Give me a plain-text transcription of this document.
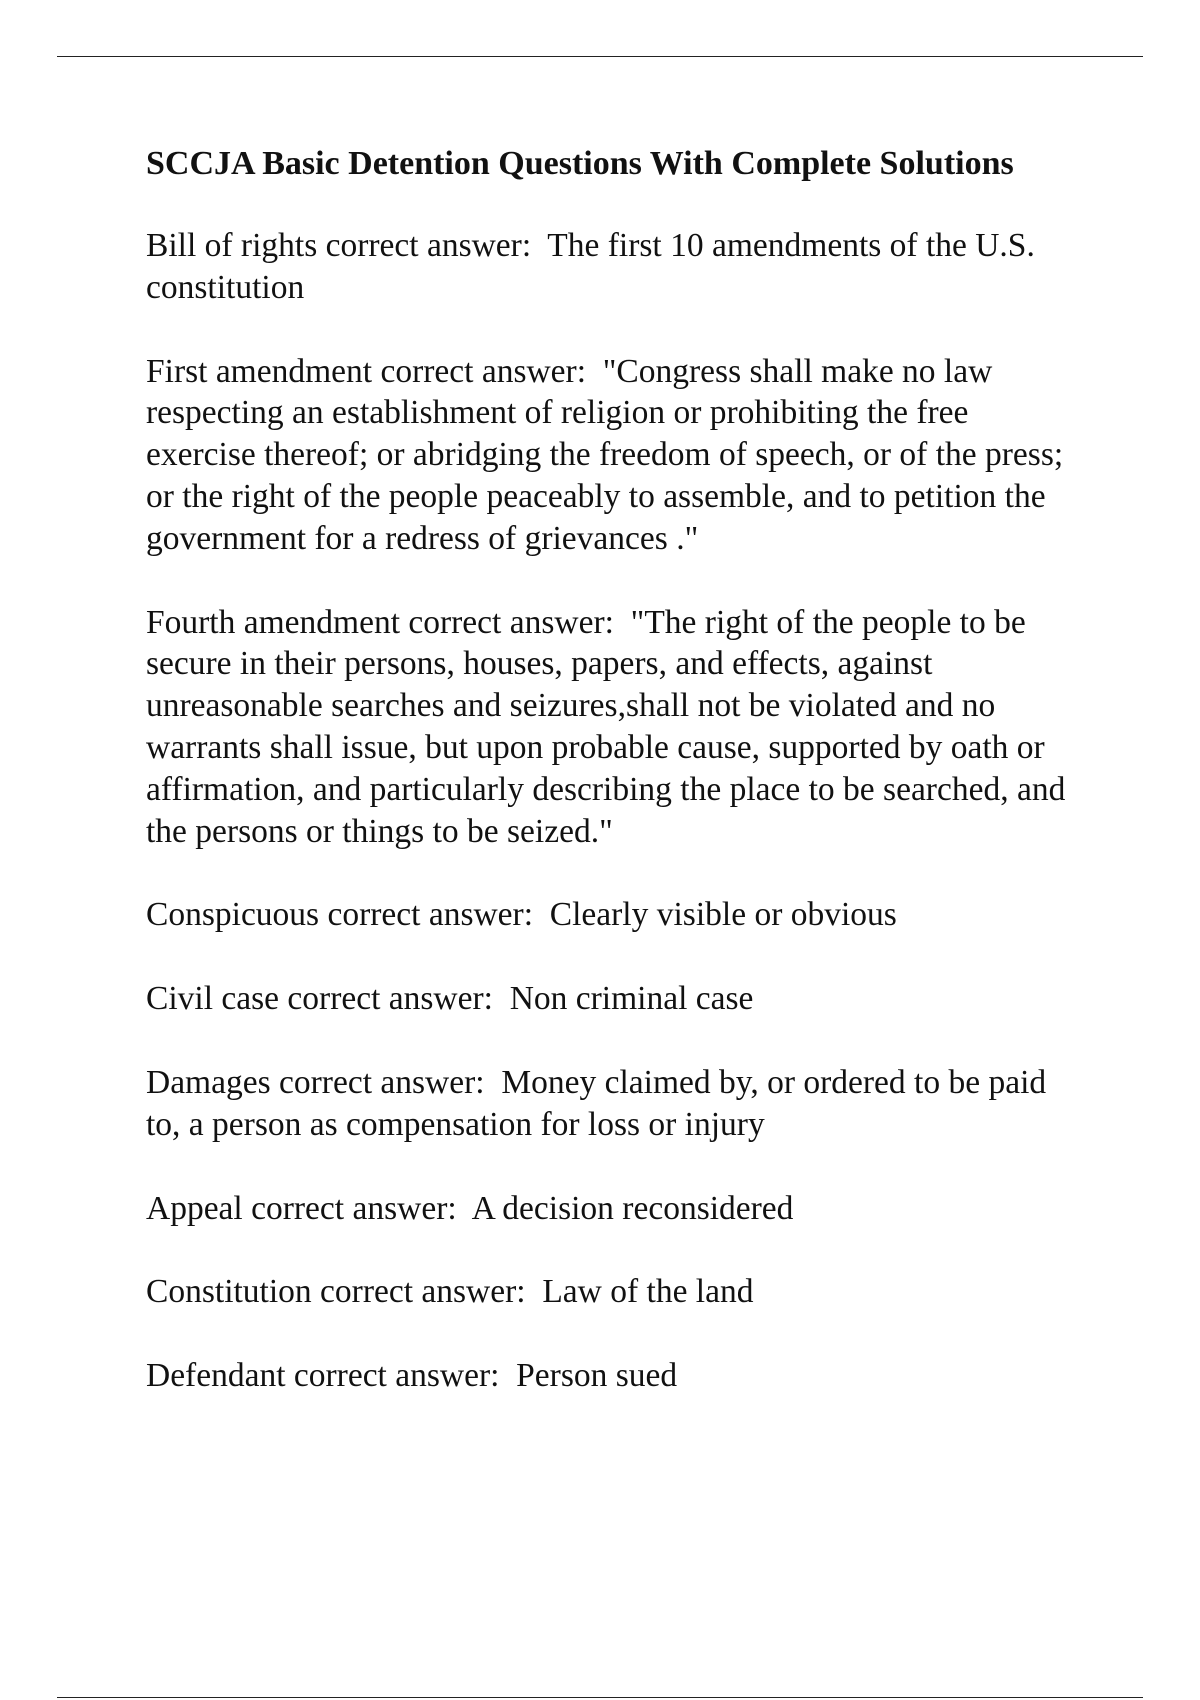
SCCJA Basic Detention Questions With Complete Solutions

Bill of rights correct answer:  The first 10 amendments of the U.S. constitution

First amendment correct answer:  "Congress shall make no law respecting an establishment of religion or prohibiting the free exercise thereof; or abridging the freedom of speech, or of the press; or the right of the people peaceably to assemble, and to petition the government for a redress of grievances ."

Fourth amendment correct answer:  "The right of the people to be secure in their persons, houses, papers, and effects, against unreasonable searches and seizures,shall not be violated and no warrants shall issue, but upon probable cause, supported by oath or affirmation, and particularly describing the place to be searched, and the persons or things to be seized."

Conspicuous correct answer:  Clearly visible or obvious

Civil case correct answer:  Non criminal case

Damages correct answer:  Money claimed by, or ordered to be paid to, a person as compensation for loss or injury

Appeal correct answer:  A decision reconsidered

Constitution correct answer:  Law of the land

Defendant correct answer:  Person sued
